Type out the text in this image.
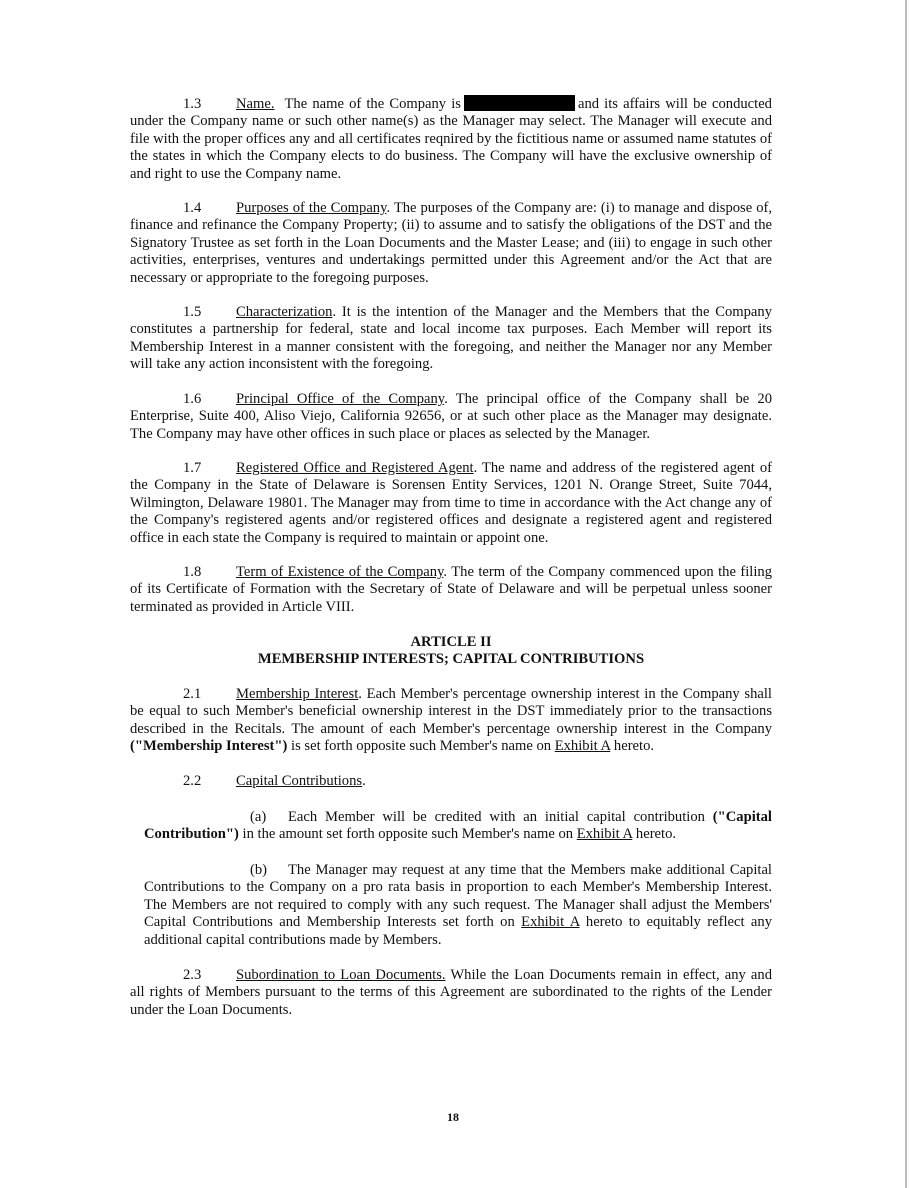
1.3 Name. The name of the Company is	and its affairs will be conducted under the Company name or such other name(s) as the Manager may select. The Manager will execute and file with the proper offices any and all certificates reqnired by the fictitious name or assumed name statutes of the states in which the Company elects to do business. The Company will have the exclusive ownership of and right to use the Company name.

1.4 Purposes of the Company. The purposes of the Company are: (i) to manage and dispose of, finance and refinance the Company Property; (ii) to assume and to satisfy the obligations of the DST and the Signatory Trustee as set forth in the Loan Documents and the Master Lease; and (iii) to engage in such other activities, enterprises, ventures and undertakings permitted under this Agreement and/or the Act that are necessary or appropriate to the foregoing purposes.

1.5 Characterization. It is the intention of the Manager and the Members that the Company constitutes a partnership for federal, state and local income tax purposes. Each Member will report its Membership Interest in a manner consistent with the foregoing, and neither the Manager nor any Member will take any action inconsistent with the foregoing.

1.6 Principal Office of the Company. The principal office of the Company shall be 20 Enterprise, Suite 400, Aliso Viejo, California 92656, or at such other place as the Manager may designate. The Company may have other offices in such place or places as selected by the Manager.

1.7 Registered Office and Registered Agent. The name and address of the registered agent of the Company in the State of Delaware is Sorensen Entity Services, 1201 N. Orange Street, Suite 7044, Wilmington, Delaware 19801. The Manager may from time to time in accordance with the Act change any of the Company's registered agents and/or registered offices and designate a registered agent and registered office in each state the Company is required to maintain or appoint one.

1.8 Term of Existence of the Company. The term of the Company commenced upon the filing of its Certificate of Formation with the Secretary of State of Delaware and will be perpetual unless sooner terminated as provided in Article VIII.

ARTICLE II
MEMBERSHIP INTERESTS; CAPITAL CONTRIBUTIONS

2.1 Membership Interest. Each Member's percentage ownership interest in the Company shall be equal to such Member's beneficial ownership interest in the DST immediately prior to the transactions described in the Recitals. The amount of each Member's percentage ownership interest in the Company ("Membership Interest") is set forth opposite such Member's name on Exhibit A hereto.

2.2 Capital Contributions.

(a) Each Member will be credited with an initial capital contribution ("Capital Contribution") in the amount set forth opposite such Member's name on Exhibit A hereto.

(b) The Manager may request at any time that the Members make additional Capital Contributions to the Company on a pro rata basis in proportion to each Member's Membership Interest. The Members are not required to comply with any such request. The Manager shall adjust the Members' Capital Contributions and Membership Interests set forth on Exhibit A hereto to equitably reflect any additional capital contributions made by Members.

2.3 Subordination to Loan Documents. While the Loan Documents remain in effect, any and all rights of Members pursuant to the terms of this Agreement are subordinated to the rights of the Lender under the Loan Documents.

18
